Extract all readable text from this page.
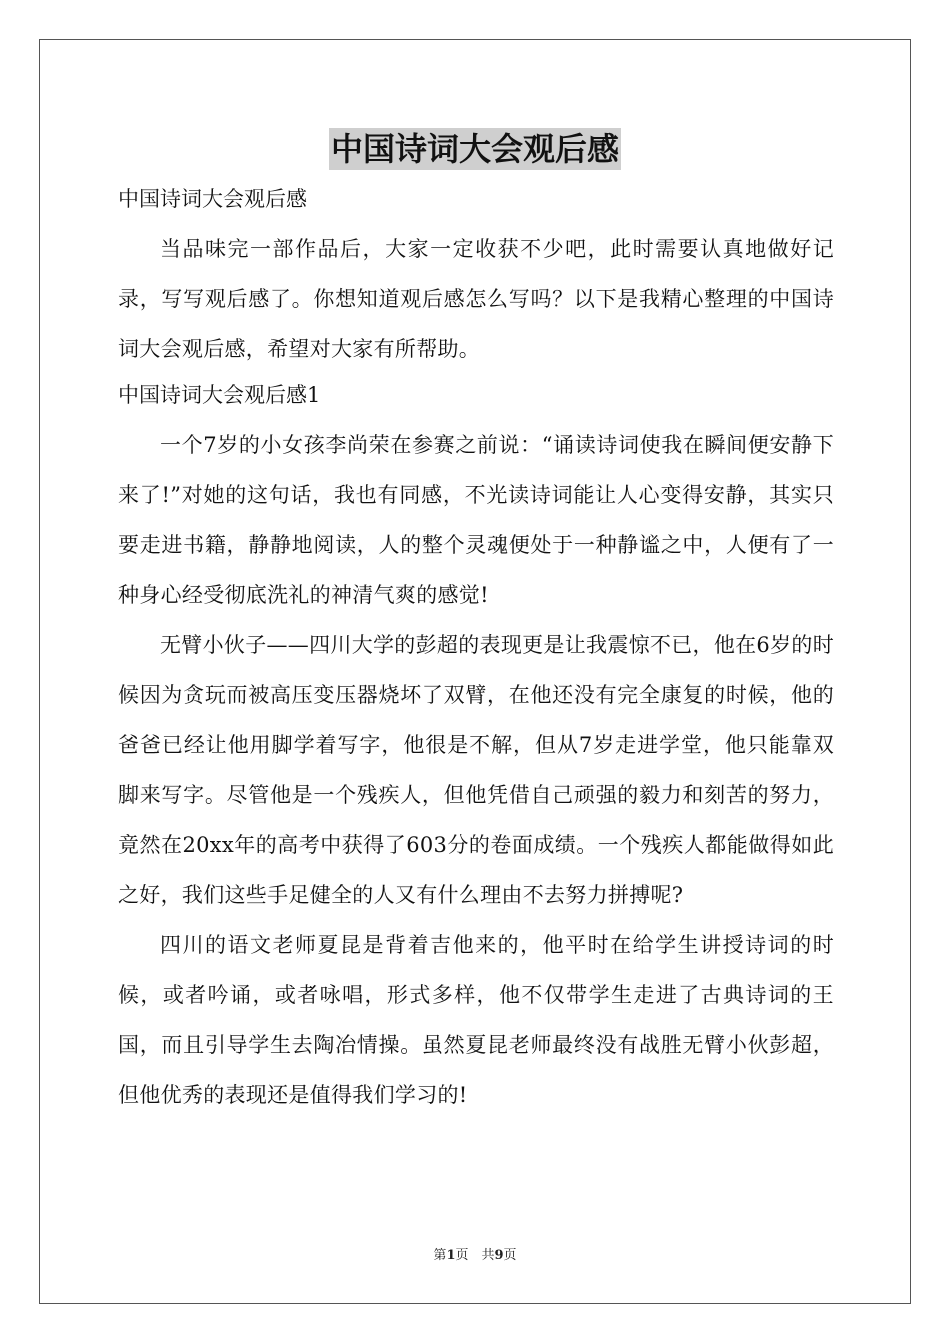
中国诗词大会观后感

中国诗词大会观后感

当品味完一部作品后，大家一定收获不少吧，此时需要认真地做好记录，写写观后感了。你想知道观后感怎么写吗？以下是我精心整理的中国诗词大会观后感，希望对大家有所帮助。

中国诗词大会观后感1

一个7岁的小女孩李尚荣在参赛之前说：“诵读诗词使我在瞬间便安静下来了!”对她的这句话，我也有同感，不光读诗词能让人心变得安静，其实只要走进书籍，静静地阅读，人的整个灵魂便处于一种静谧之中，人便有了一种身心经受彻底洗礼的神清气爽的感觉!

无臂小伙子——四川大学的彭超的表现更是让我震惊不已，他在6岁的时候因为贪玩而被高压变压器烧坏了双臂，在他还没有完全康复的时候，他的爸爸已经让他用脚学着写字，他很是不解，但从7岁走进学堂，他只能靠双脚来写字。尽管他是一个残疾人，但他凭借自己顽强的毅力和刻苦的努力，竟然在20xx年的高考中获得了603分的卷面成绩。一个残疾人都能做得如此之好，我们这些手足健全的人又有什么理由不去努力拼搏呢?

四川的语文老师夏昆是背着吉他来的，他平时在给学生讲授诗词的时候，或者吟诵，或者咏唱，形式多样，他不仅带学生走进了古典诗词的王国，而且引导学生去陶冶情操。虽然夏昆老师最终没有战胜无臂小伙彭超，但他优秀的表现还是值得我们学习的!

第1页　共9页
